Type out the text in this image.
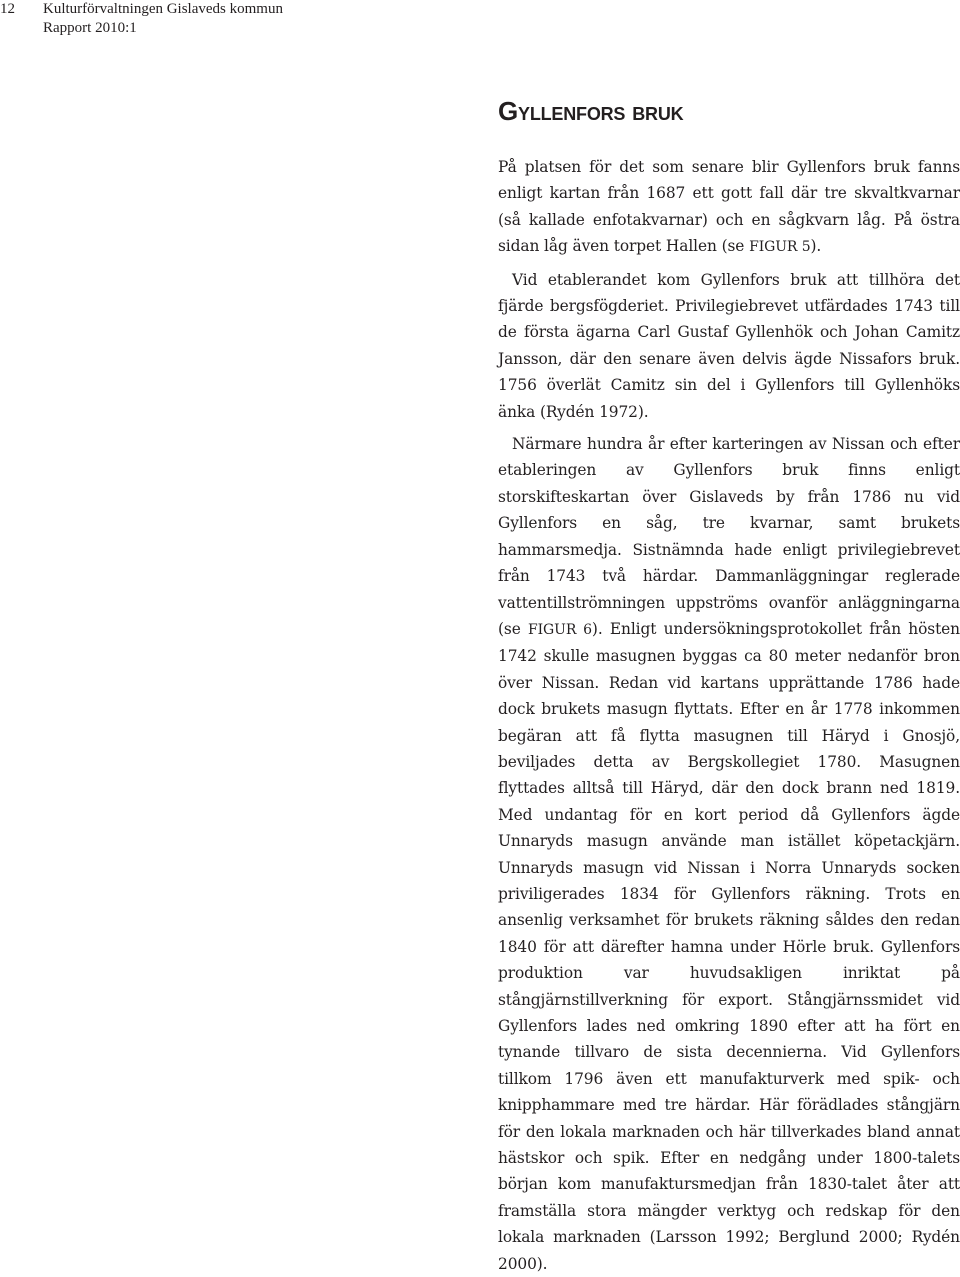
12 Kulturförvaltningen Gislaveds kommun
Rapport 2010:1
Gyllenfors bruk

På platsen för det som senare blir Gyllenfors bruk fanns enligt kartan från 1687 ett gott fall där tre skvaltkvarnar (så kallade enfotakvarnar) och en sågkvarn låg. På östra sidan låg även torpet Hallen (se FIGUR 5).

Vid etablerandet kom Gyllenfors bruk att tillhöra det fjärde bergsfögderiet. Privilegiebrevet utfärdades 1743 till de första ägarna Carl Gustaf Gyllenhök och Johan Camitz Jansson, där den senare även delvis ägde Nissafors bruk. 1756 överlät Camitz sin del i Gyllenfors till Gyllenhöks änka (Rydén 1972).

Närmare hundra år efter karteringen av Nissan och efter etableringen av Gyllenfors bruk finns enligt storskifteskartan över Gislaveds by från 1786 nu vid Gyllenfors en såg, tre kvarnar, samt brukets hammarsmedja. Sistnämnda hade enligt privilegiebrevet från 1743 två härdar. Dammanläggningar reglerade vattentillströmningen uppströms ovanför anläggningarna (se FIGUR 6). Enligt undersökningsprotokollet från hösten 1742 skulle masugnen byggas ca 80 meter nedanför bron över Nissan. Redan vid kartans upprättande 1786 hade dock brukets masugn flyttats. Efter en år 1778 inkommen begäran att få flytta masugnen till Häryd i Gnosjö, beviljades detta av Bergskollegiet 1780. Masugnen flyttades alltså till Häryd, där den dock brann ned 1819. Med undantag för en kort period då Gyllenfors ägde Unnaryds masugn använde man istället köpetackjärn. Unnaryds masugn vid Nissan i Norra Unnaryds socken priviligerades 1834 för Gyllenfors räkning. Trots en ansenlig verksamhet för brukets räkning såldes den redan 1840 för att därefter hamna under Hörle bruk. Gyllenfors produktion var huvudsakligen inriktat på stångjärnstillverkning för export. Stångjärnssmidet vid Gyllenfors lades ned omkring 1890 efter att ha fört en tynande tillvaro de sista decennierna. Vid Gyllenfors tillkom 1796 även ett manufakturverk med spik- och knipphammare med tre härdar. Här förädlades stångjärn för den lokala marknaden och här tillverkades bland annat hästskor och spik. Efter en nedgång under 1800-talets början kom manufaktursmedjan från 1830-talet åter att framställa stora mängder verktyg och redskap för den lokala marknaden (Larsson 1992; Berglund 2000; Rydén 2000).
